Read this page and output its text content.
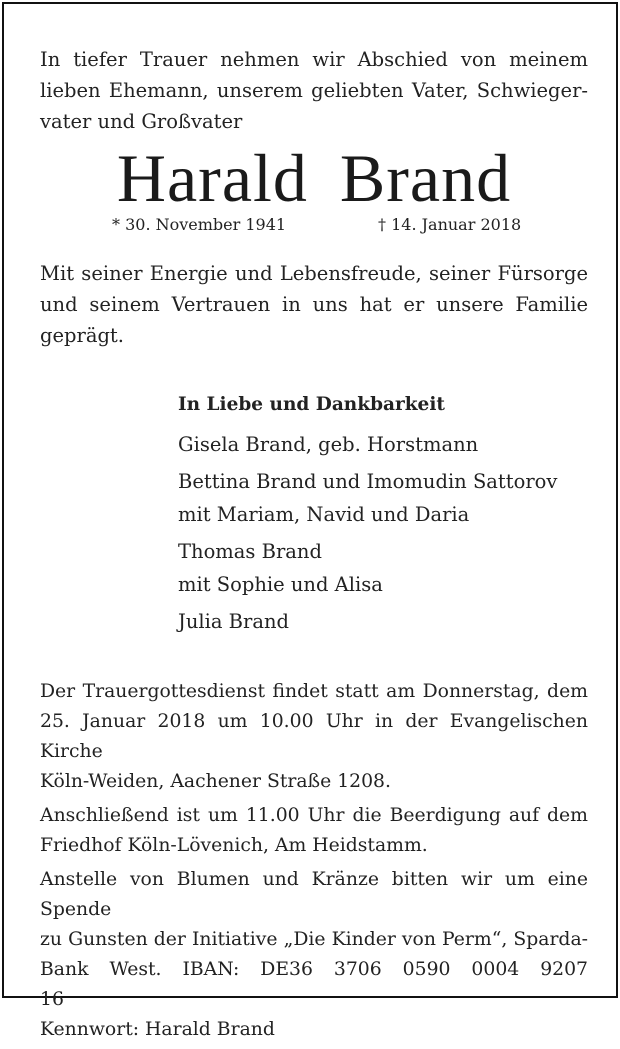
In tiefer Trauer nehmen wir Abschied von meinem
lieben Ehemann, unserem geliebten Vater, Schwieger-
vater und Großvater
Harald Brand
* 30. November 1941	† 14. Januar 2018
Mit seiner Energie und Lebensfreude, seiner Fürsorge
und seinem Vertrauen in uns hat er unsere Familie
geprägt.
In Liebe und Dankbarkeit
Gisela Brand, geb. Horstmann
Bettina Brand und Imomudin Sattorov
mit Mariam, Navid und Daria
Thomas Brand
mit Sophie und Alisa
Julia Brand

Der Trauergottesdienst findet statt am Donnerstag, dem
25. Januar 2018 um 10.00 Uhr in der Evangelischen Kirche
Köln-Weiden, Aachener Straße 1208.

Anschließend ist um 11.00 Uhr die Beerdigung auf dem
Friedhof Köln-Lövenich, Am Heidstamm.

Anstelle von Blumen und Kränze bitten wir um eine Spende
zu Gunsten der Initiative „Die Kinder von Perm“, Sparda-
Bank West. IBAN: DE36 3706 0590 0004 9207 16
Kennwort: Harald Brand
